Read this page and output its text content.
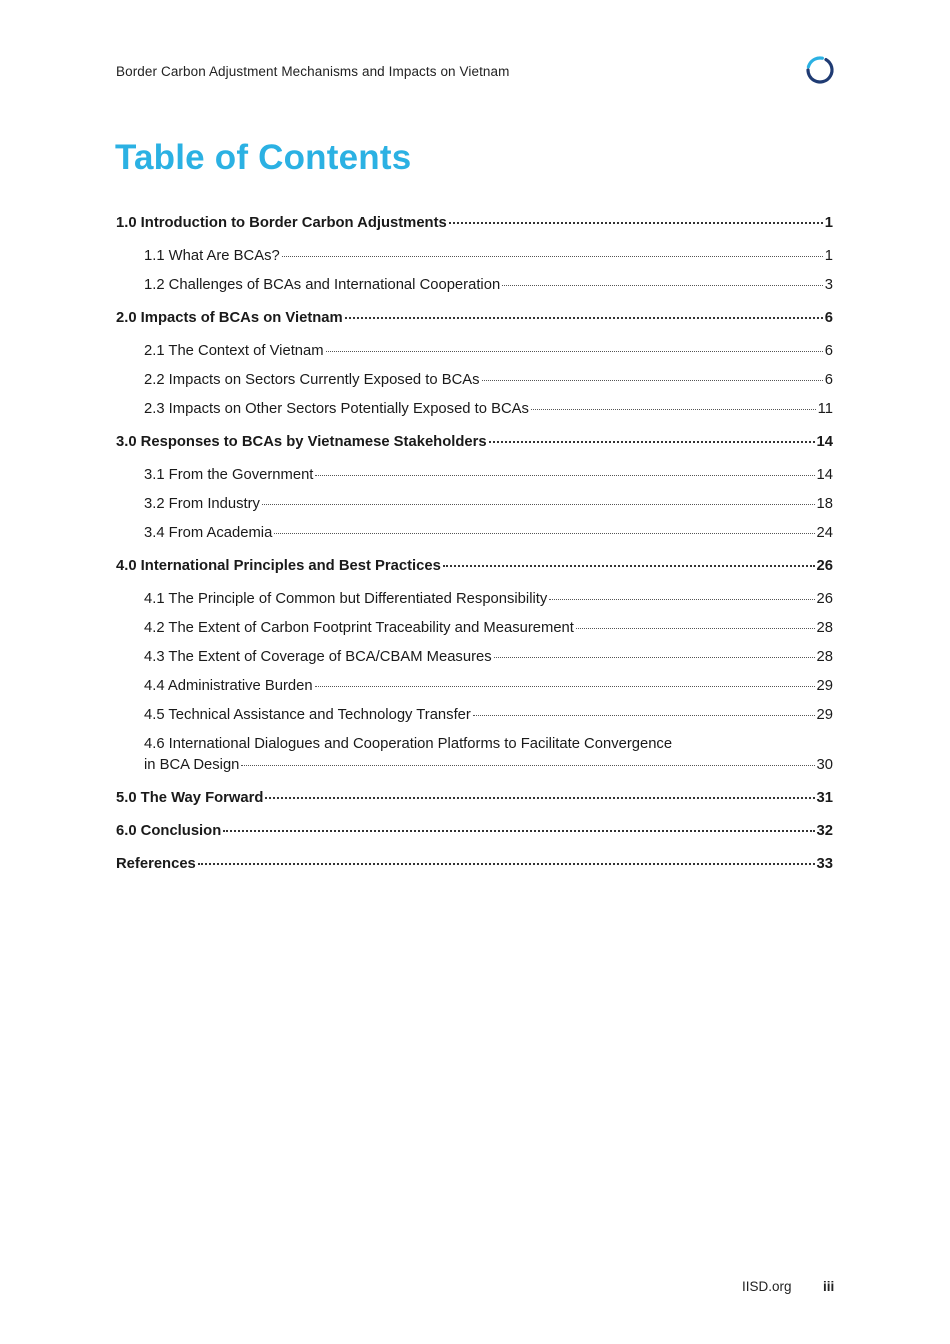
Border Carbon Adjustment Mechanisms and Impacts on Vietnam
Table of Contents
1.0 Introduction to Border Carbon Adjustments	1
1.1 What Are BCAs?	1
1.2 Challenges of BCAs and International Cooperation	3
2.0 Impacts of BCAs on Vietnam	6
2.1 The Context of Vietnam	6
2.2 Impacts on Sectors Currently Exposed to BCAs	6
2.3 Impacts on Other Sectors Potentially Exposed to BCAs	11
3.0 Responses to BCAs by Vietnamese Stakeholders	14
3.1 From the Government	14
3.2 From Industry	18
3.4 From Academia	24
4.0 International Principles and Best Practices	26
4.1 The Principle of Common but Differentiated Responsibility	26
4.2 The Extent of Carbon Footprint Traceability and Measurement	28
4.3 The Extent of Coverage of BCA/CBAM Measures	28
4.4 Administrative Burden	29
4.5 Technical Assistance and Technology Transfer	29
4.6 International Dialogues and Cooperation Platforms to Facilitate Convergence
in BCA Design	30
5.0 The Way Forward	31
6.0 Conclusion	32
References	33
IISD.org iii
